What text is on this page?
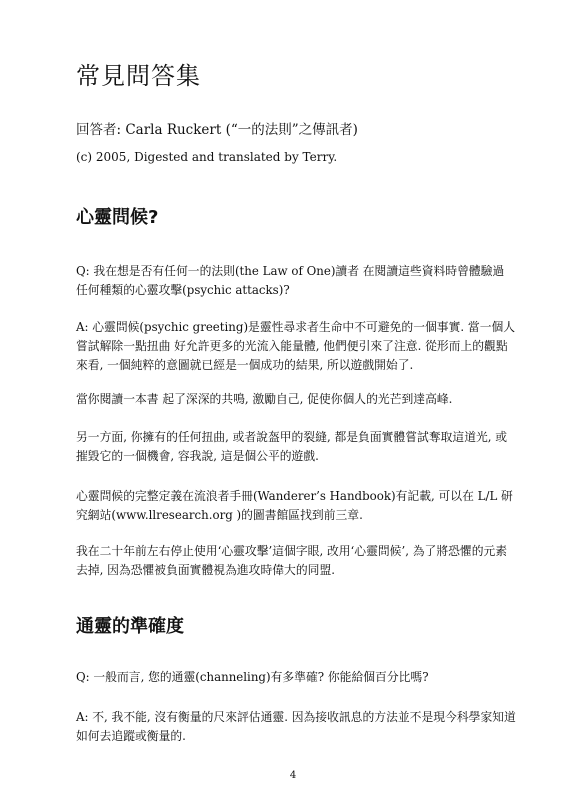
常見問答集
回答者: Carla Ruckert (“一的法則”之傳訊者)
(c) 2005, Digested and translated by Terry.
心靈問候?
Q: 我在想是否有任何一的法則(the Law of One)讀者 在閱讀這些資料時曾體驗過任何種類的心靈攻擊(psychic attacks)?
A: 心靈問候(psychic greeting)是靈性尋求者生命中不可避免的一個事實. 當一個人嘗試解除一點扭曲 好允許更多的光流入能量體, 他們便引來了注意. 從形而上的觀點來看, 一個純粹的意圖就已經是一個成功的結果, 所以遊戲開始了.
當你閱讀一本書 起了深深的共鳴, 激勵自己, 促使你個人的光芒到達高峰.
另一方面, 你擁有的任何扭曲, 或者說盔甲的裂縫, 都是負面實體嘗試奪取這道光, 或摧毀它的一個機會, 容我說, 這是個公平的遊戲.
心靈問候的完整定義在流浪者手冊(Wanderer’s Handbook)有記載, 可以在 L/L 研究網站(www.llresearch.org )的圖書館區找到前三章.
我在二十年前左右停止使用‘心靈攻擊’這個字眼, 改用‘心靈問候’, 為了將恐懼的元素去掉, 因為恐懼被負面實體視為進攻時偉大的同盟.
通靈的準確度
Q: 一般而言, 您的通靈(channeling)有多準確? 你能給個百分比嗎?
A: 不, 我不能, 沒有衡量的尺來評估通靈. 因為接收訊息的方法並不是現今科學家知道如何去追蹤或衡量的.
4
